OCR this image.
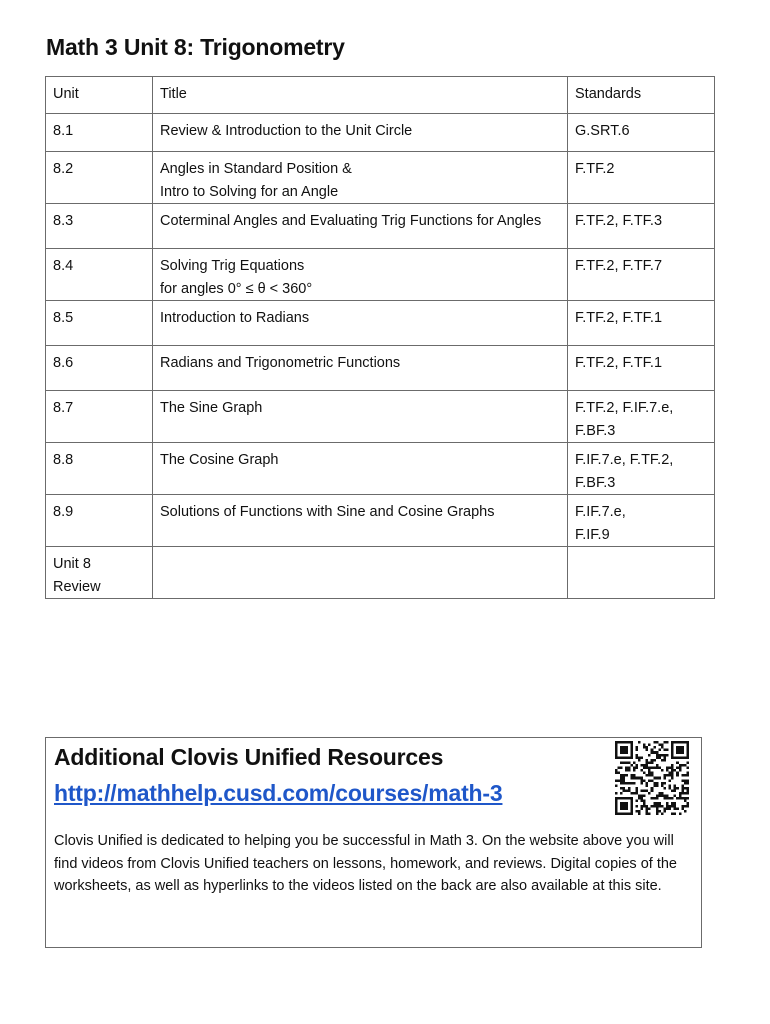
Math 3 Unit 8: Trigonometry
Unit	Title	Standards
8.1	Review & Introduction to the Unit Circle	G.SRT.6
8.2	Angles in Standard Position &
Intro to Solving for an Angle	F.TF.2
8.3	Coterminal Angles and Evaluating Trig Functions for Angles	F.TF.2, F.TF.3
8.4	Solving Trig Equations
for angles 0° ≤ θ < 360°	F.TF.2, F.TF.7
8.5	Introduction to Radians	F.TF.2, F.TF.1
8.6	Radians and Trigonometric Functions	F.TF.2, F.TF.1
8.7	The Sine Graph	F.TF.2, F.IF.7.e,
F.BF.3
8.8	The Cosine Graph	F.IF.7.e, F.TF.2,
F.BF.3
8.9	Solutions of Functions with Sine and Cosine Graphs	F.IF.7.e,
F.IF.9
Unit 8
Review		
Additional Clovis Unified Resources
http://mathhelp.cusd.com/courses/math-3
Clovis Unified is dedicated to helping you be successful in Math 3. On the website above you will find videos from Clovis Unified teachers on lessons, homework, and reviews. Digital copies of the worksheets, as well as hyperlinks to the videos listed on the back are also available at this site.
